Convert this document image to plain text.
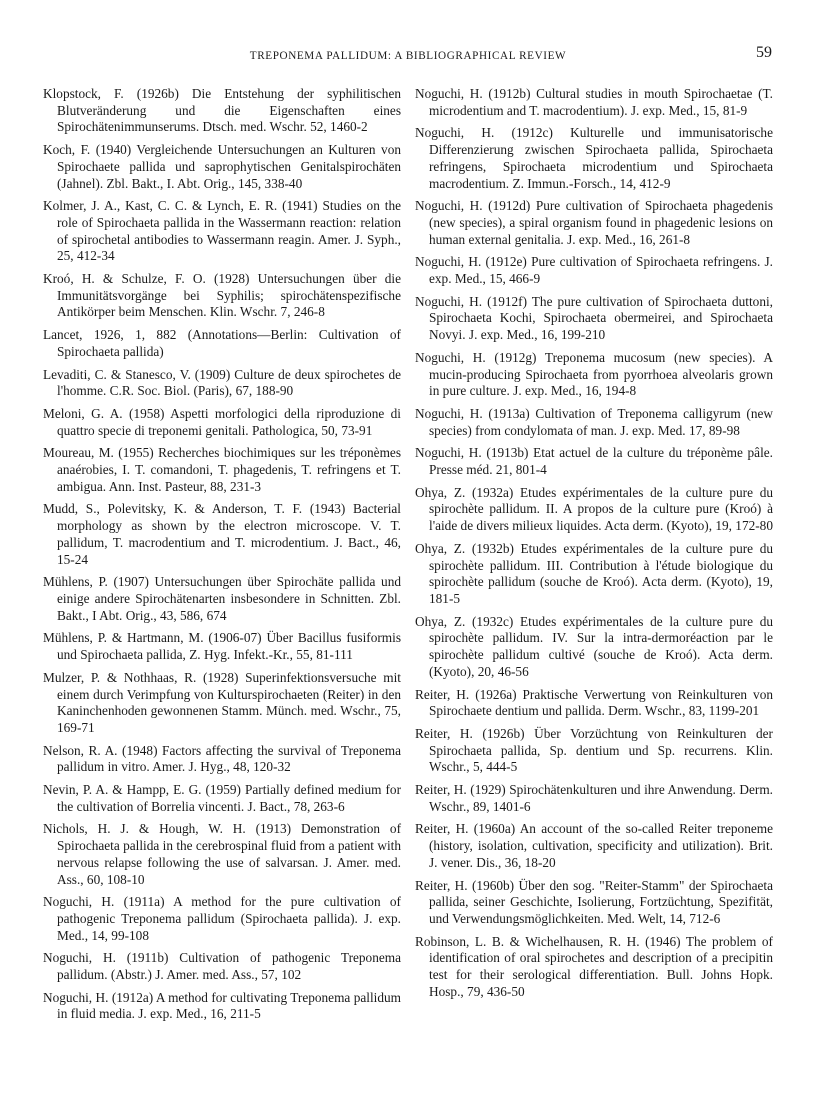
TREPONEMA PALLIDUM: A BIBLIOGRAPHICAL REVIEW	59

Klopstock, F. (1926b) Die Entstehung der syphilitischen Blutveränderung und die Eigenschaften eines Spirochätenimmunserums. Dtsch. med. Wschr. 52, 1460-2

Koch, F. (1940) Vergleichende Untersuchungen an Kulturen von Spirochaete pallida und saprophytischen Genitalspirochäten (Jahnel). Zbl. Bakt., I. Abt. Orig., 145, 338-40

Kolmer, J. A., Kast, C. C. & Lynch, E. R. (1941) Studies on the role of Spirochaeta pallida in the Wassermann reaction: relation of spirochetal antibodies to Wassermann reagin. Amer. J. Syph., 25, 412-34

Kroó, H. & Schulze, F. O. (1928) Untersuchungen über die Immunitätsvorgänge bei Syphilis; spirochätenspezifische Antikörper beim Menschen. Klin. Wschr. 7, 246-8

Lancet, 1926, 1, 882 (Annotations—Berlin: Cultivation of Spirochaeta pallida)

Levaditi, C. & Stanesco, V. (1909) Culture de deux spirochetes de l'homme. C.R. Soc. Biol. (Paris), 67, 188-90

Meloni, G. A. (1958) Aspetti morfologici della riproduzione di quattro specie di treponemi genitali. Pathologica, 50, 73-91

Moureau, M. (1955) Recherches biochimiques sur les tréponèmes anaérobies, I. T. comandoni, T. phagedenis, T. refringens et T. ambigua. Ann. Inst. Pasteur, 88, 231-3

Mudd, S., Polevitsky, K. & Anderson, T. F. (1943) Bacterial morphology as shown by the electron microscope. V. T. pallidum, T. macrodentium and T. microdentium. J. Bact., 46, 15-24

Mühlens, P. (1907) Untersuchungen über Spirochäte pallida und einige andere Spirochätenarten insbesondere in Schnitten. Zbl. Bakt., I Abt. Orig., 43, 586, 674

Mühlens, P. & Hartmann, M. (1906-07) Über Bacillus fusiformis und Spirochaeta pallida, Z. Hyg. Infekt.-Kr., 55, 81-111

Mulzer, P. & Nothhaas, R. (1928) Superinfektionsversuche mit einem durch Verimpfung von Kulturspirochaeten (Reiter) in den Kaninchenhoden gewonnenen Stamm. Münch. med. Wschr., 75, 169-71

Nelson, R. A. (1948) Factors affecting the survival of Treponema pallidum in vitro. Amer. J. Hyg., 48, 120-32

Nevin, P. A. & Hampp, E. G. (1959) Partially defined medium for the cultivation of Borrelia vincenti. J. Bact., 78, 263-6

Nichols, H. J. & Hough, W. H. (1913) Demonstration of Spirochaeta pallida in the cerebrospinal fluid from a patient with nervous relapse following the use of salvarsan. J. Amer. med. Ass., 60, 108-10

Noguchi, H. (1911a) A method for the pure cultivation of pathogenic Treponema pallidum (Spirochaeta pallida). J. exp. Med., 14, 99-108

Noguchi, H. (1911b) Cultivation of pathogenic Treponema pallidum. (Abstr.) J. Amer. med. Ass., 57, 102

Noguchi, H. (1912a) A method for cultivating Treponema pallidum in fluid media. J. exp. Med., 16, 211-5

Noguchi, H. (1912b) Cultural studies in mouth Spirochaetae (T. microdentium and T. macrodentium). J. exp. Med., 15, 81-9

Noguchi, H. (1912c) Kulturelle und immunisatorische Differenzierung zwischen Spirochaeta pallida, Spirochaeta refringens, Spirochaeta microdentium und Spirochaeta macrodentium. Z. Immun.-Forsch., 14, 412-9

Noguchi, H. (1912d) Pure cultivation of Spirochaeta phagedenis (new species), a spiral organism found in phagedenic lesions on human external genitalia. J. exp. Med., 16, 261-8

Noguchi, H. (1912e) Pure cultivation of Spirochaeta refringens. J. exp. Med., 15, 466-9

Noguchi, H. (1912f) The pure cultivation of Spirochaeta duttoni, Spirochaeta Kochi, Spirochaeta obermeirei, and Spirochaeta Novyi. J. exp. Med., 16, 199-210

Noguchi, H. (1912g) Treponema mucosum (new species). A mucin-producing Spirochaeta from pyorrhoea alveolaris grown in pure culture. J. exp. Med., 16, 194-8

Noguchi, H. (1913a) Cultivation of Treponema calligyrum (new species) from condylomata of man. J. exp. Med. 17, 89-98

Noguchi, H. (1913b) Etat actuel de la culture du tréponème pâle. Presse méd. 21, 801-4

Ohya, Z. (1932a) Etudes expérimentales de la culture pure du spirochète pallidum. II. A propos de la culture pure (Kroó) à l'aide de divers milieux liquides. Acta derm. (Kyoto), 19, 172-80

Ohya, Z. (1932b) Etudes expérimentales de la culture pure du spirochète pallidum. III. Contribution à l'étude biologique du spirochète pallidum (souche de Kroó). Acta derm. (Kyoto), 19, 181-5

Ohya, Z. (1932c) Etudes expérimentales de la culture pure du spirochète pallidum. IV. Sur la intra-dermoréaction par le spirochète pallidum cultivé (souche de Kroó). Acta derm. (Kyoto), 20, 46-56

Reiter, H. (1926a) Praktische Verwertung von Reinkulturen von Spirochaete dentium und pallida. Derm. Wschr., 83, 1199-201

Reiter, H. (1926b) Über Vorzüchtung von Reinkulturen der Spirochaeta pallida, Sp. dentium und Sp. recurrens. Klin. Wschr., 5, 444-5

Reiter, H. (1929) Spirochätenkulturen und ihre Anwendung. Derm. Wschr., 89, 1401-6

Reiter, H. (1960a) An account of the so-called Reiter treponeme (history, isolation, cultivation, specificity and utilization). Brit. J. vener. Dis., 36, 18-20

Reiter, H. (1960b) Über den sog. "Reiter-Stamm" der Spirochaeta pallida, seiner Geschichte, Isolierung, Fortzüchtung, Spezifität, und Verwendungsmöglichkeiten. Med. Welt, 14, 712-6

Robinson, L. B. & Wichelhausen, R. H. (1946) The problem of identification of oral spirochetes and description of a precipitin test for their serological differentiation. Bull. Johns Hopk. Hosp., 79, 436-50
